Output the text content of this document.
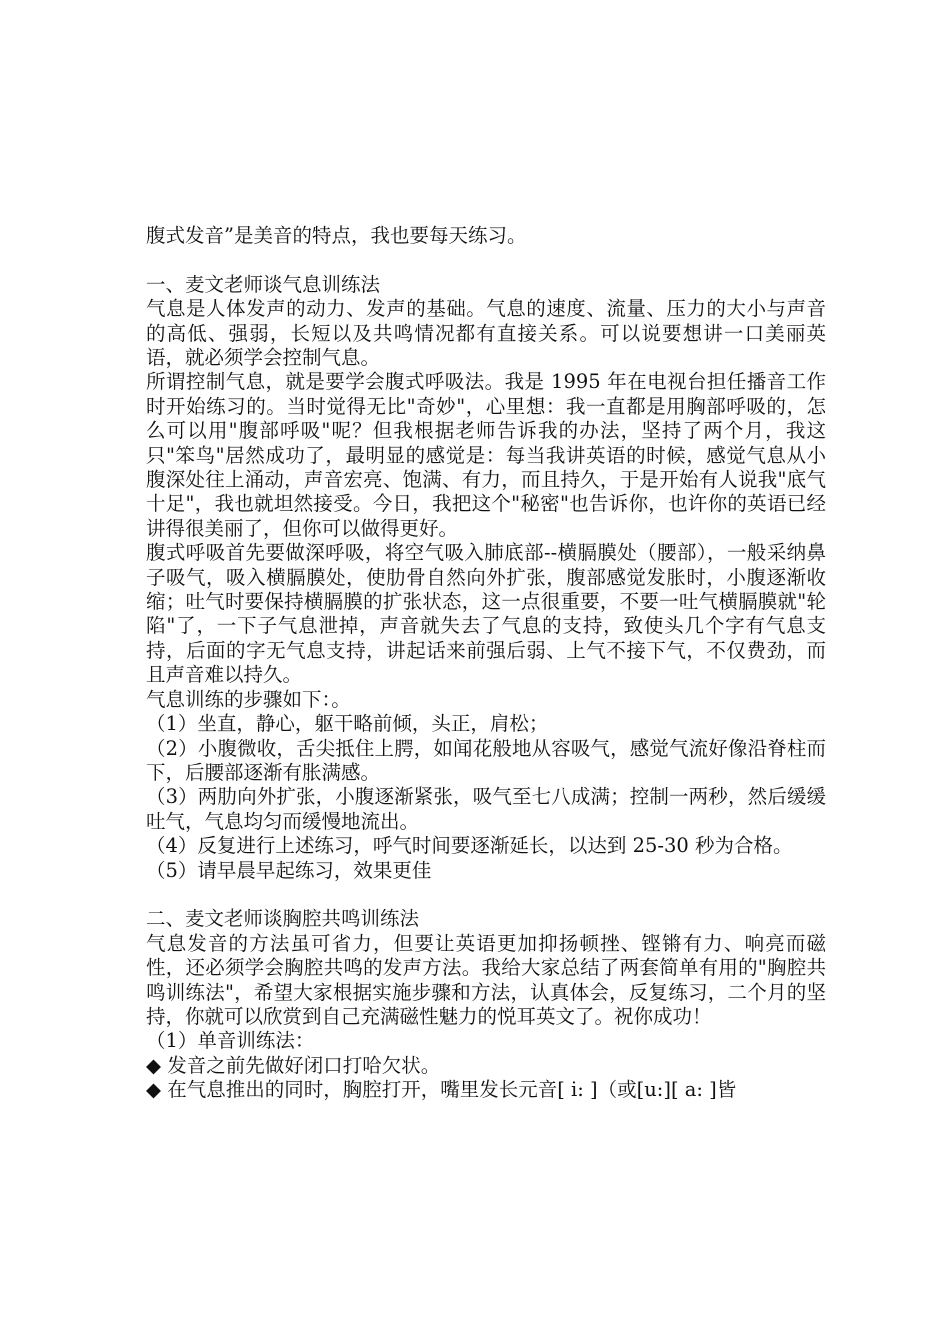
腹式发音”是美音的特点，我也要每天练习。

一、麦文老师谈气息训练法

气息是人体发声的动力、发声的基础。气息的速度、流量、压力的大小与声音的高低、强弱，长短以及共鸣情况都有直接关系。可以说要想讲一口美丽英语，就必须学会控制气息。

所谓控制气息，就是要学会腹式呼吸法。我是 1995 年在电视台担任播音工作时开始练习的。当时觉得无比"奇妙"，心里想：我一直都是用胸部呼吸的，怎么可以用"腹部呼吸"呢？但我根据老师告诉我的办法，坚持了两个月，我这只"笨鸟"居然成功了，最明显的感觉是：每当我讲英语的时候，感觉气息从小腹深处往上涌动，声音宏亮、饱满、有力，而且持久，于是开始有人说我"底气十足"，我也就坦然接受。今日，我把这个"秘密"也告诉你，也许你的英语已经讲得很美丽了，但你可以做得更好。

腹式呼吸首先要做深呼吸，将空气吸入肺底部--横膈膜处（腰部），一般采纳鼻子吸气，吸入横膈膜处，使肋骨自然向外扩张，腹部感觉发胀时，小腹逐渐收缩；吐气时要保持横膈膜的扩张状态，这一点很重要，不要一吐气横膈膜就"轮陷"了，一下子气息泄掉，声音就失去了气息的支持，致使头几个字有气息支持，后面的字无气息支持，讲起话来前强后弱、上气不接下气，不仅费劲，而且声音难以持久。

气息训练的步骤如下：。

（1）坐直，静心，躯干略前倾，头正，肩松；

（2）小腹微收，舌尖抵住上腭，如闻花般地从容吸气，感觉气流好像沿脊柱而下，后腰部逐渐有胀满感。

（3）两肋向外扩张，小腹逐渐紧张，吸气至七八成满；控制一两秒，然后缓缓吐气，气息均匀而缓慢地流出。

（4）反复进行上述练习，呼气时间要逐渐延长，以达到 25-30 秒为合格。

（5）请早晨早起练习，效果更佳

二、麦文老师谈胸腔共鸣训练法

气息发音的方法虽可省力，但要让英语更加抑扬顿挫、铿锵有力、响亮而磁性，还必须学会胸腔共鸣的发声方法。我给大家总结了两套简单有用的"胸腔共鸣训练法"，希望大家根据实施步骤和方法，认真体会，反复练习，二个月的坚持，你就可以欣赏到自己充满磁性魅力的悦耳英文了。祝你成功！

（1）单音训练法：

◆ 发音之前先做好闭口打哈欠状。

◆ 在气息推出的同时，胸腔打开，嘴里发长元音[ i: ]（或[u:][ a: ]皆
